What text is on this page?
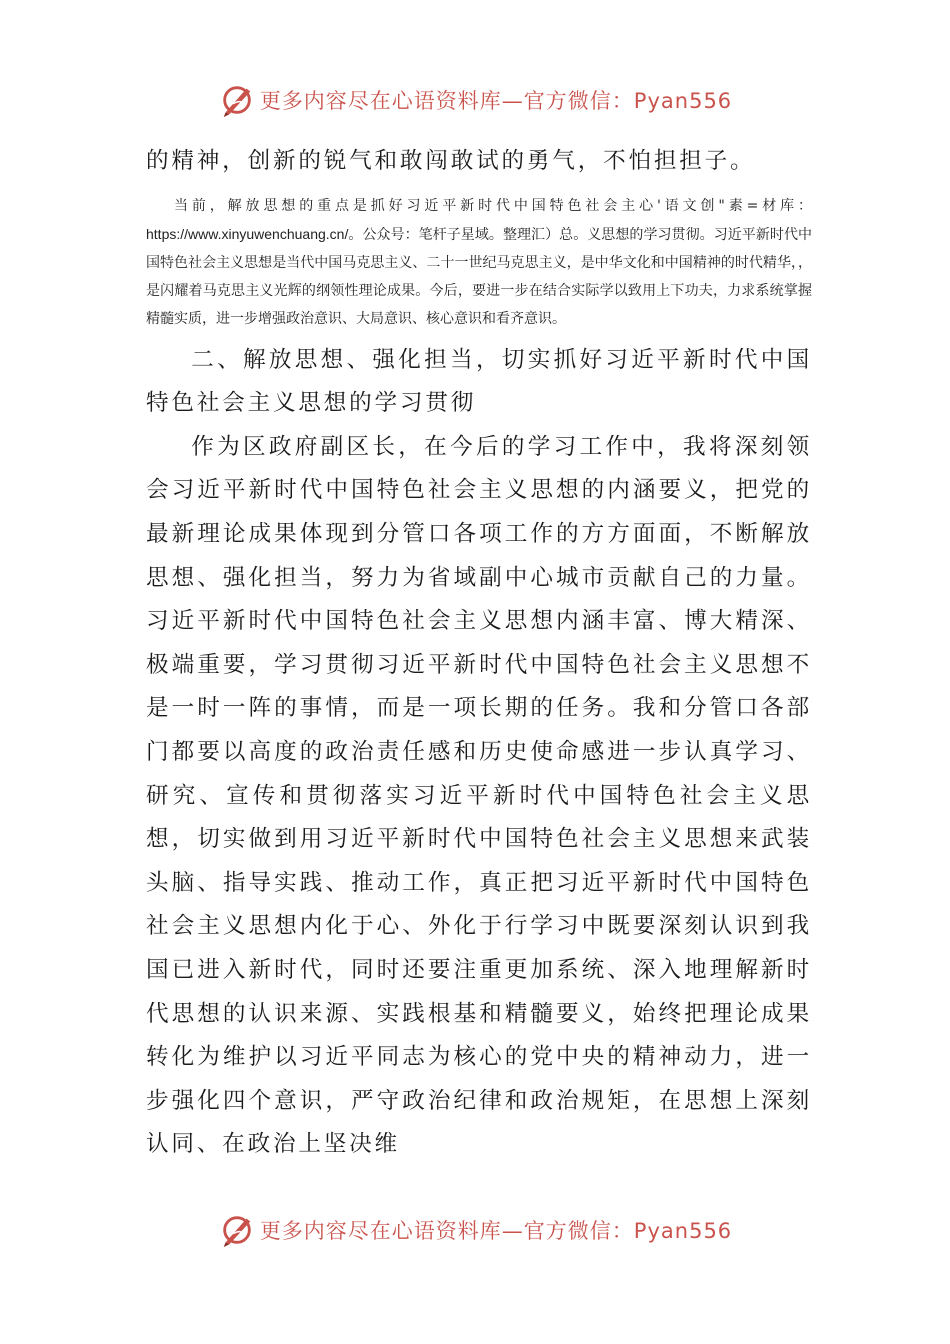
更多内容尽在心语资料库—官方微信：Pyan556

的精神，创新的锐气和敢闯敢试的勇气，不怕担担子。

当前，解放思想的重点是抓好习近平新时代中国特色社会主心'语文创"素=材库：https://www.xinyuwenchuang.cn/。公众号：笔杆子星域。整理汇）总。义思想的学习贯彻。习近平新时代中国特色社会主义思想是当代中国马克思主义、二十一世纪马克思主义，是中华文化和中国精神的时代精华，，是闪耀着马克思主义光辉的纲领性理论成果。今后，要进一步在结合实际学以致用上下功夫，力求系统掌握精髓实质，进一步增强政治意识、大局意识、核心意识和看齐意识。

二、解放思想、强化担当，切实抓好习近平新时代中国特色社会主义思想的学习贯彻

作为区政府副区长，在今后的学习工作中，我将深刻领会习近平新时代中国特色社会主义思想的内涵要义，把党的最新理论成果体现到分管口各项工作的方方面面，不断解放思想、强化担当，努力为省域副中心城市贡献自己的力量。习近平新时代中国特色社会主义思想内涵丰富、博大精深、极端重要，学习贯彻习近平新时代中国特色社会主义思想不是一时一阵的事情，而是一项长期的任务。我和分管口各部门都要以高度的政治责任感和历史使命感进一步认真学习、研究、宣传和贯彻落实习近平新时代中国特色社会主义思想，切实做到用习近平新时代中国特色社会主义思想来武装头脑、指导实践、推动工作，真正把习近平新时代中国特色社会主义思想内化于心、外化于行学习中既要深刻认识到我国已进入新时代，同时还要注重更加系统、深入地理解新时代思想的认识来源、实践根基和精髓要义，始终把理论成果转化为维护以习近平同志为核心的党中央的精神动力，进一步强化四个意识，严守政治纪律和政治规矩，在思想上深刻认同、在政治上坚决维

更多内容尽在心语资料库—官方微信：Pyan556
